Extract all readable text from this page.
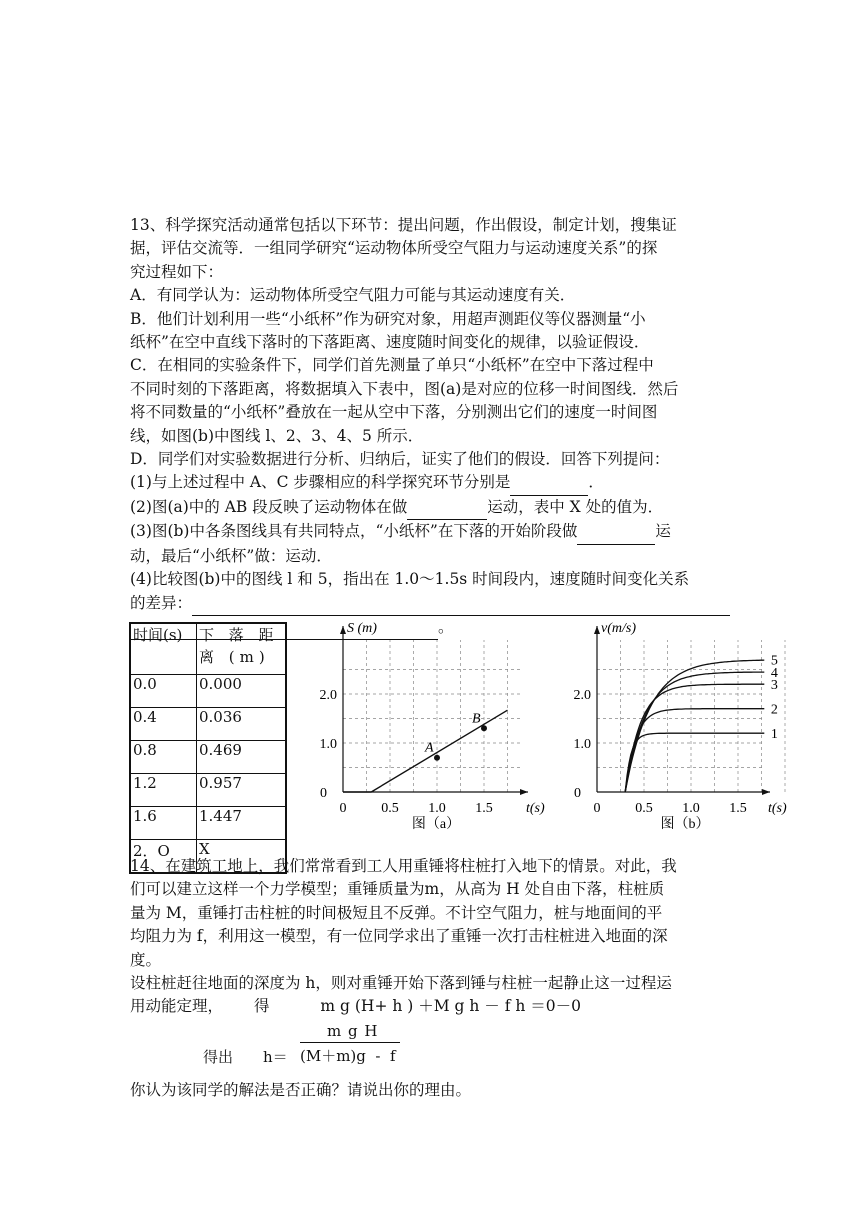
13、科学探究活动通常包括以下环节：提出问题，作出假设，制定计划，搜集证

据，评估交流等．一组同学研究“运动物体所受空气阻力与运动速度关系”的探

究过程如下：

A．有同学认为：运动物体所受空气阻力可能与其运动速度有关．

B．他们计划利用一些“小纸杯”作为研究对象，用超声测距仪等仪器测量“小

纸杯”在空中直线下落时的下落距离、速度随时间变化的规律，以验证假设．

C．在相同的实验条件下，同学们首先测量了单只“小纸杯”在空中下落过程中

不同时刻的下落距离，将数据填入下表中，图(a)是对应的位移一时间图线．然后

将不同数量的“小纸杯”叠放在一起从空中下落，分别测出它们的速度一时间图

线，如图(b)中图线 l、2、3、4、5 所示．

D．同学们对实验数据进行分析、归纳后，证实了他们的假设．回答下列提问：

(1)与上述过程中 A、C 步骤相应的科学探究环节分别是	．

(2)图(a)中的 AB 段反映了运动物体在做	运动，表中 X 处的值为．

(3)图(b)中各条图线具有共同特点，“小纸杯”在下落的开始阶段做	运

动，最后“小纸杯”做：运动．

(4)比较图(b)中的图线 l 和 5，指出在 1.0～1.5s 时间段内，速度随时间变化关系

的差异：

。

时间(s)	下 落 距 离 (m)
0.0	0.000
0.4	0.036
0.8	0.469
1.2	0.957
1.6	1.447
2．O	X
0 0.5 1.0 1.5
0
1.0
2.0
S (m)
t(s)
图（a）
A
B
0 0.5 1.0 1.5
0
1.0
2.0
v(m/s)
t(s)
图（b）
1
2
3
4
5

14、在建筑工地上，我们常常看到工人用重锤将柱桩打入地下的情景。对此，我

们可以建立这样一个力学模型；重锤质量为m，从高为 H 处自由下落，柱桩质

量为 M，重锤打击柱桩的时间极短且不反弹。不计空气阻力，桩与地面间的平

均阻力为 f，利用这一模型，有一位同学求出了重锤一次打击柱桩进入地面的深

度。

设柱桩赶往地面的深度为 h，则对重锤开始下落到锤与柱桩一起静止这一过程运

用动能定理， 得	m g (H+ h ) ＋M g h － f h ＝0－0

得出 h＝
m g H
(M＋m)g  -  f

你认为该同学的解法是否正确？请说出你的理由。
